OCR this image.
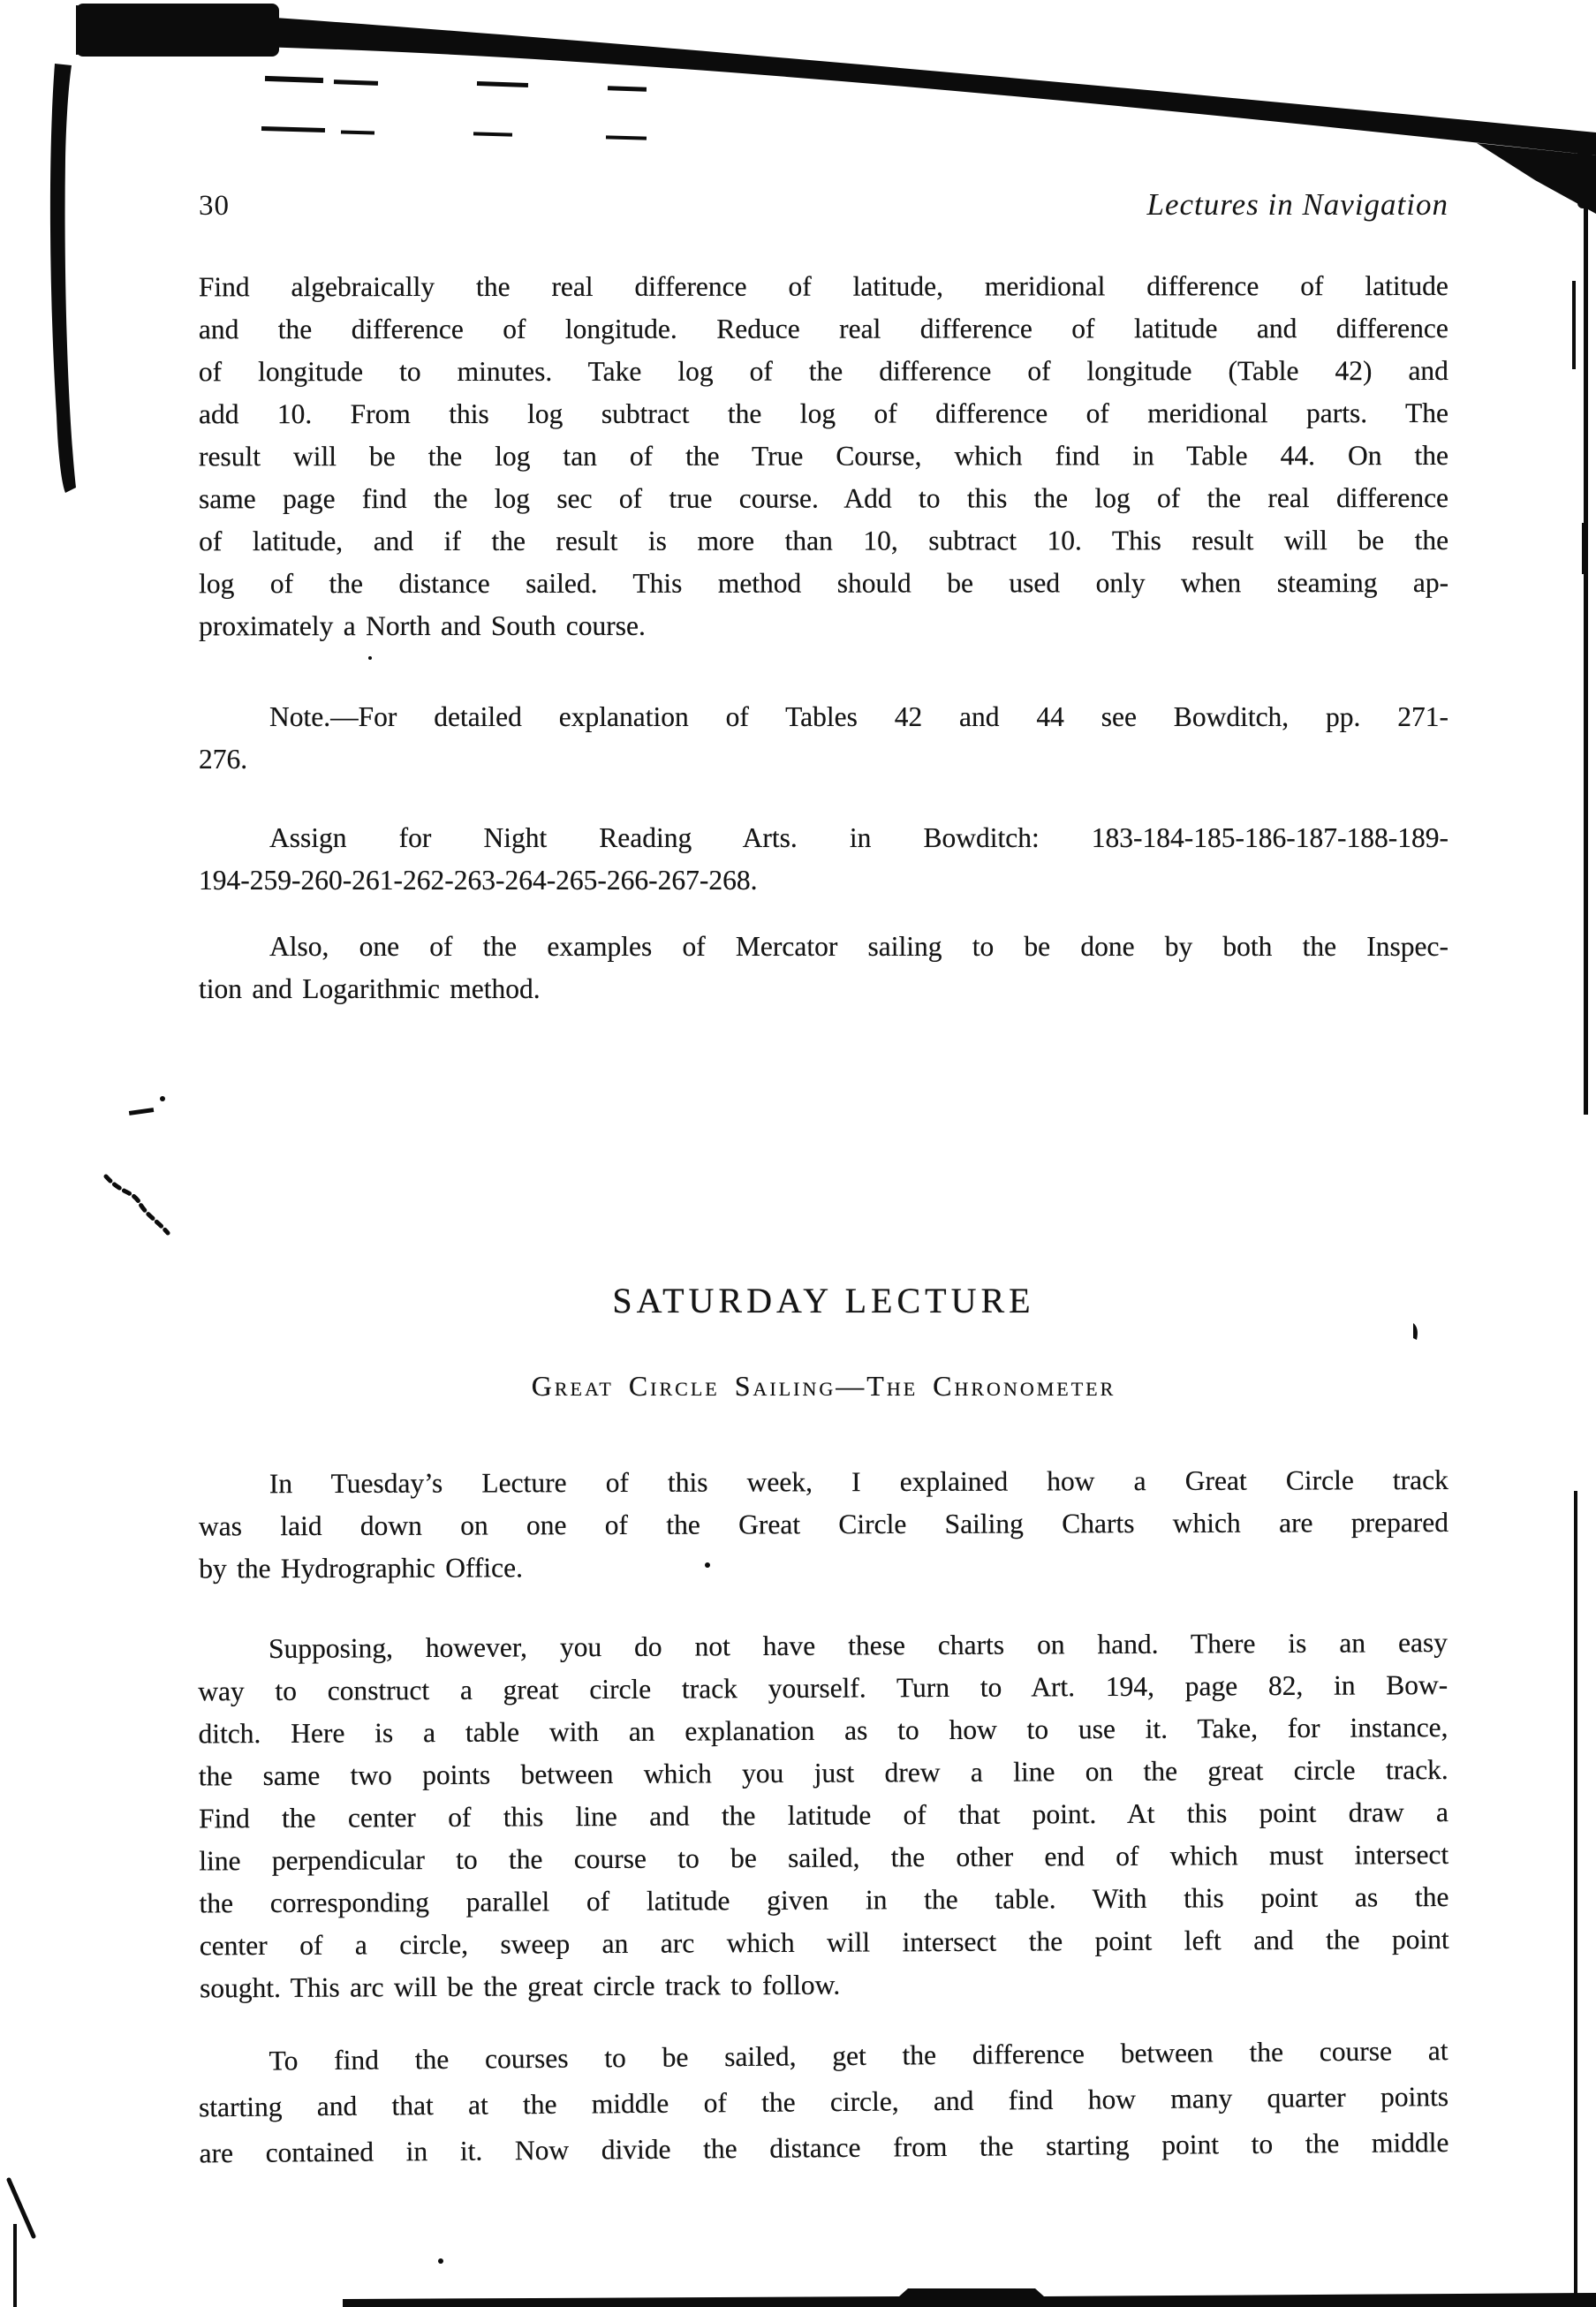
30	Lectures in Navigation
Find algebraically the real difference of latitude, meridional difference of latitude
and the difference of longitude. Reduce real difference of latitude and difference
of longitude to minutes. Take log of the difference of longitude (Table 42) and
add 10. From this log subtract the log of difference of meridional parts. The
result will be the log tan of the True Course, which find in Table 44. On the
same page find the log sec of true course. Add to this the log of the real difference
of latitude, and if the result is more than 10, subtract 10. This result will be the
log of the distance sailed. This method should be used only when steaming ap-
proximately a North and South course.
Note.—For detailed explanation of Tables 42 and 44 see Bowditch, pp. 271-
276.
Assign for Night Reading Arts. in Bowditch: 183-184-185-186-187-188-189-
194-259-260-261-262-263-264-265-266-267-268.
Also, one of the examples of Mercator sailing to be done by both the Inspec-
tion and Logarithmic method.
SATURDAY LECTURE
Great Circle Sailing—The Chronometer
In Tuesday’s Lecture of this week, I explained how a Great Circle track
was laid down on one of the Great Circle Sailing Charts which are prepared
by the Hydrographic Office.
Supposing, however, you do not have these charts on hand. There is an easy
way to construct a great circle track yourself. Turn to Art. 194, page 82, in Bow-
ditch. Here is a table with an explanation as to how to use it. Take, for instance,
the same two points between which you just drew a line on the great circle track.
Find the center of this line and the latitude of that point. At this point draw a
line perpendicular to the course to be sailed, the other end of which must intersect
the corresponding parallel of latitude given in the table. With this point as the
center of a circle, sweep an arc which will intersect the point left and the point
sought. This arc will be the great circle track to follow.
To find the courses to be sailed, get the difference between the course at
starting and that at the middle of the circle, and find how many quarter points
are contained in it. Now divide the distance from the starting point to the middle
